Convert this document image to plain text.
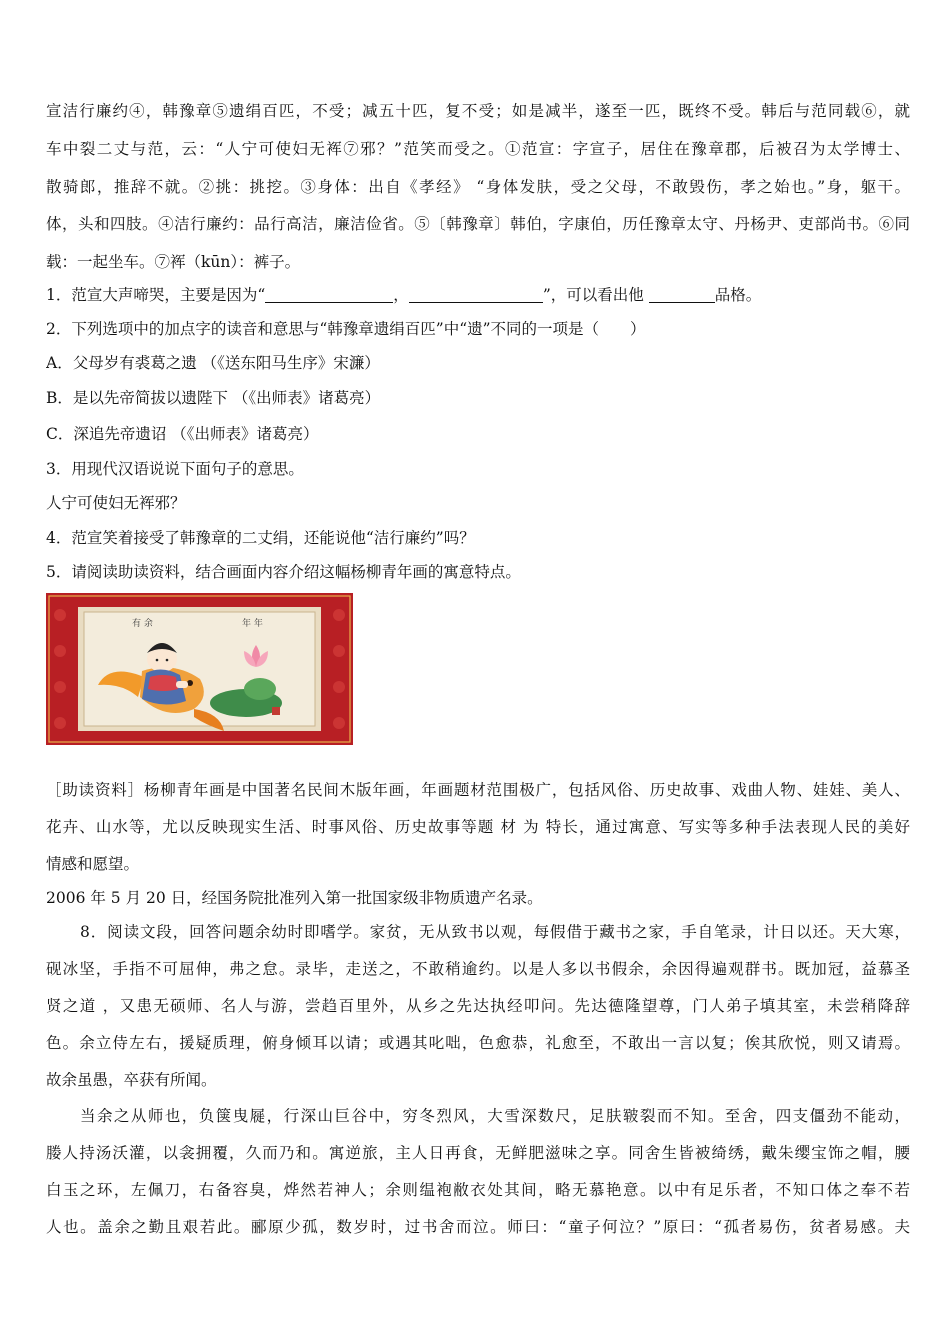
宣洁行廉约④，韩豫章⑤遗绢百匹，不受；减五十匹，复不受；如是减半，遂至一匹，既终不受。韩后与范同载⑥，就
车中裂二丈与范，云：“人宁可使妇无裈⑦邪？”范笑而受之。①范宣：字宣子，居住在豫章郡，后被召为太学博士、
散骑郎，推辞不就。②挑：挑挖。③身体：出自《孝经》 “身体发肤，受之父母，不敢毁伤，孝之始也。”身，躯干。
体，头和四肢。④洁行廉约：品行高洁，廉洁俭省。⑤〔韩豫章〕韩伯，字康伯，历任豫章太守、丹杨尹、吏部尚书。⑥同
载：一起坐车。⑦裈（kūn）：裤子。
1．范宣大声啼哭，主要是因为“	，	”，可以看出他	品格。
2．下列选项中的加点字的读音和意思与“韩豫章遗绢百匹”中“遗”不同的一项是（　　）
A．父母岁有裘葛之遗 （《送东阳马生序》宋濂）
B．是以先帝简拔以遗陛下 （《出师表》诸葛亮）
C．深追先帝遗诏 （《出师表》诸葛亮）
3．用现代汉语说说下面句子的意思。
人宁可使妇无裈邪？
4．范宣笑着接受了韩豫章的二丈绢，还能说他“洁行廉约”吗？
5．请阅读助读资料，结合画面内容介绍这幅杨柳青年画的寓意特点。
有 余	年 年
［助读资料］杨柳青年画是中国著名民间木版年画，年画题材范围极广，包括风俗、历史故事、戏曲人物、娃娃、美人、
花卉、山水等，尤以反映现实生活、时事风俗、历史故事等题 材 为 特长，通过寓意、写实等多种手法表现人民的美好
情感和愿望。
2006 年 5 月 20 日，经国务院批准列入第一批国家级非物质遗产名录。
8．阅读文段，回答问题余幼时即嗜学。家贫，无从致书以观，每假借于藏书之家，手自笔录，计日以还。天大寒，
砚冰坚，手指不可屈伸，弗之怠。录毕，走送之，不敢稍逾约。以是人多以书假余，余因得遍观群书。既加冠，益慕圣
贤之道 ，又患无硕师、名人与游，尝趋百里外，从乡之先达执经叩问。先达德隆望尊，门人弟子填其室，未尝稍降辞
色。余立侍左右，援疑质理，俯身倾耳以请；或遇其叱咄，色愈恭，礼愈至，不敢出一言以复；俟其欣悦，则又请焉。
故余虽愚，卒获有所闻。
当余之从师也，负箧曳屣，行深山巨谷中，穷冬烈风，大雪深数尺，足肤皲裂而不知。至舍，四支僵劲不能动，
媵人持汤沃灌，以衾拥覆，久而乃和。寓逆旅，主人日再食，无鲜肥滋味之享。同舍生皆被绮绣，戴朱缨宝饰之帽，腰
白玉之环，左佩刀，右备容臭，烨然若神人；余则缊袍敝衣处其间，略无慕艳意。以中有足乐者，不知口体之奉不若
人也。盖余之勤且艰若此。郦原少孤，数岁时，过书舍而泣。师曰：“童子何泣？”原曰：“孤者易伤，贫者易感。夫
